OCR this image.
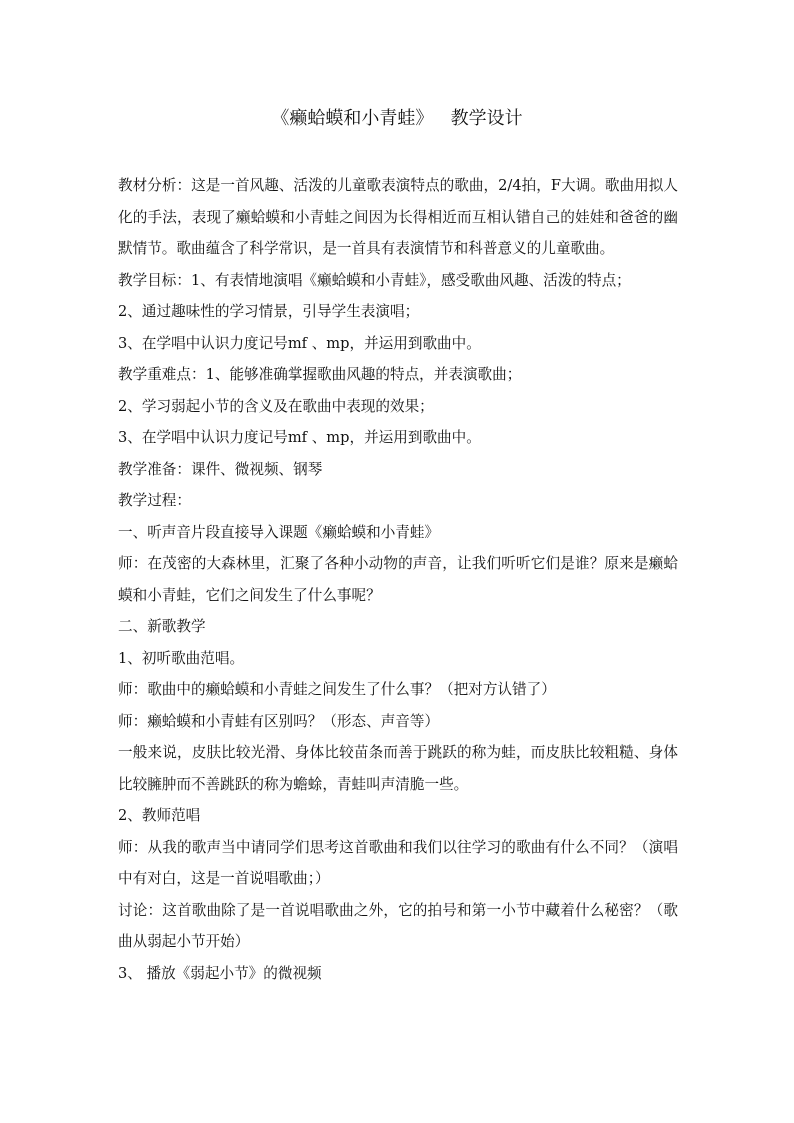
《癞蛤蟆和小青蛙》   教学设计

教材分析：这是一首风趣、活泼的儿童歌表演特点的歌曲，2/4拍，F大调。歌曲用拟人化的手法，表现了癞蛤蟆和小青蛙之间因为长得相近而互相认错自己的娃娃和爸爸的幽默情节。歌曲蕴含了科学常识，是一首具有表演情节和科普意义的儿童歌曲。

教学目标：1、有表情地演唱《癞蛤蟆和小青蛙》，感受歌曲风趣、活泼的特点；

2、通过趣味性的学习情景，引导学生表演唱；

3、在学唱中认识力度记号mf 、mp，并运用到歌曲中。

教学重难点：1、能够准确掌握歌曲风趣的特点，并表演歌曲；

2、学习弱起小节的含义及在歌曲中表现的效果；

3、在学唱中认识力度记号mf 、mp，并运用到歌曲中。

教学准备：课件、微视频、钢琴

教学过程：

一、听声音片段直接导入课题《癞蛤蟆和小青蛙》

师：在茂密的大森林里，汇聚了各种小动物的声音，让我们听听它们是谁？原来是癞蛤蟆和小青蛙，它们之间发生了什么事呢？

二、新歌教学

1、初听歌曲范唱。

师：歌曲中的癞蛤蟆和小青蛙之间发生了什么事？（把对方认错了）

师：癞蛤蟆和小青蛙有区别吗？（形态、声音等）

一般来说，皮肤比较光滑、身体比较苗条而善于跳跃的称为蛙，而皮肤比较粗糙、身体比较臃肿而不善跳跃的称为蟾蜍，青蛙叫声清脆一些。

2、教师范唱

师：从我的歌声当中请同学们思考这首歌曲和我们以往学习的歌曲有什么不同？（演唱中有对白，这是一首说唱歌曲；）

讨论：这首歌曲除了是一首说唱歌曲之外，它的拍号和第一小节中藏着什么秘密？（歌曲从弱起小节开始）

3、 播放《弱起小节》的微视频
